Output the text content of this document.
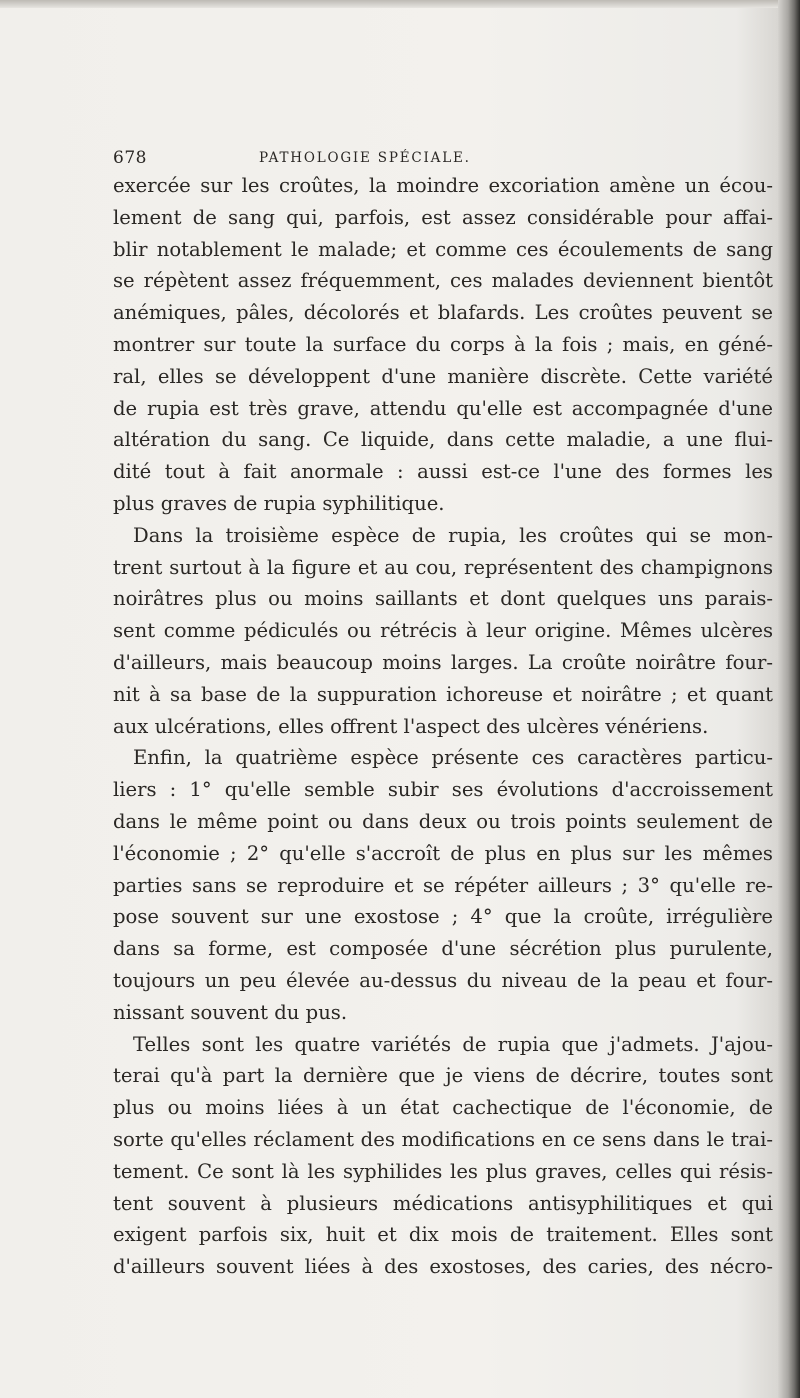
678	PATHOLOGIE SPÉCIALE.
exercée sur les croûtes, la moindre excoriation amène un écou-
lement de sang qui, parfois, est assez considérable pour affai-
blir notablement le malade; et comme ces écoulements de sang
se répètent assez fréquemment, ces malades deviennent bientôt
anémiques, pâles, décolorés et blafards. Les croûtes peuvent se
montrer sur toute la surface du corps à la fois ; mais, en géné-
ral, elles se développent d'une manière discrète. Cette variété
de rupia est très grave, attendu qu'elle est accompagnée d'une
altération du sang. Ce liquide, dans cette maladie, a une flui-
dité tout à fait anormale : aussi est-ce l'une des formes les
plus graves de rupia syphilitique.
Dans la troisième espèce de rupia, les croûtes qui se mon-
trent surtout à la figure et au cou, représentent des champignons
noirâtres plus ou moins saillants et dont quelques uns parais-
sent comme pédiculés ou rétrécis à leur origine. Mêmes ulcères
d'ailleurs, mais beaucoup moins larges. La croûte noirâtre four-
nit à sa base de la suppuration ichoreuse et noirâtre ; et quant
aux ulcérations, elles offrent l'aspect des ulcères vénériens.
Enfin, la quatrième espèce présente ces caractères particu-
liers : 1° qu'elle semble subir ses évolutions d'accroissement
dans le même point ou dans deux ou trois points seulement de
l'économie ; 2° qu'elle s'accroît de plus en plus sur les mêmes
parties sans se reproduire et se répéter ailleurs ; 3° qu'elle re-
pose souvent sur une exostose ; 4° que la croûte, irrégulière
dans sa forme, est composée d'une sécrétion plus purulente,
toujours un peu élevée au-dessus du niveau de la peau et four-
nissant souvent du pus.
Telles sont les quatre variétés de rupia que j'admets. J'ajou-
terai qu'à part la dernière que je viens de décrire, toutes sont
plus ou moins liées à un état cachectique de l'économie, de
sorte qu'elles réclament des modifications en ce sens dans le trai-
tement. Ce sont là les syphilides les plus graves, celles qui résis-
tent souvent à plusieurs médications antisyphilitiques et qui
exigent parfois six, huit et dix mois de traitement. Elles sont
d'ailleurs souvent liées à des exostoses, des caries, des nécro-
